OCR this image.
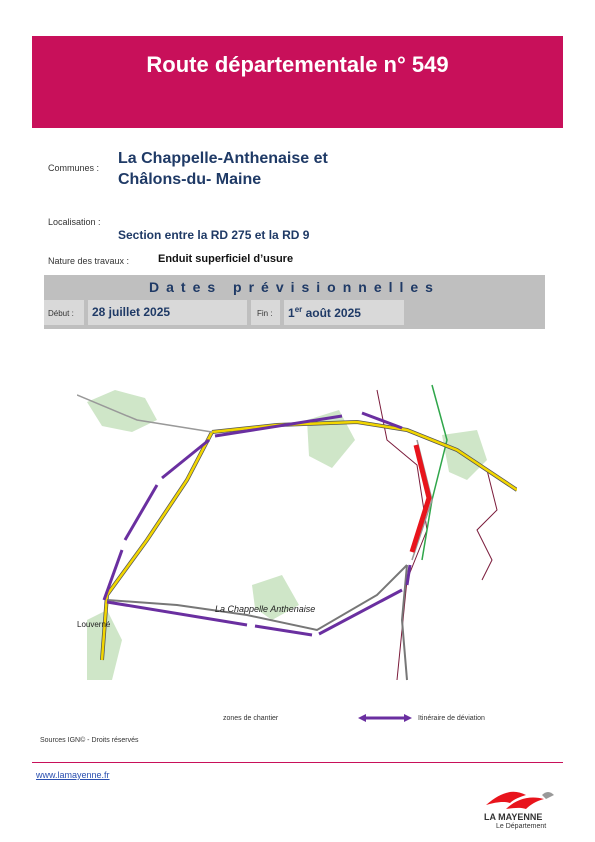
Route départementale n° 549
Communes :
La Chappelle-Anthenaise et
Châlons-du- Maine
Localisation :
Section entre la RD 275 et la RD 9
Nature des travaux :	Enduit superficiel d’usure
Dates prévisionnelles
Début : 28 juillet 2025	Fin : 1er août 2025
La Chappelle Anthenaise
Louverné
zones de chantier	Itinéraire de déviation
Sources IGN© - Droits réservés
www.lamayenne.fr
LA MAYENNE
Le Département
